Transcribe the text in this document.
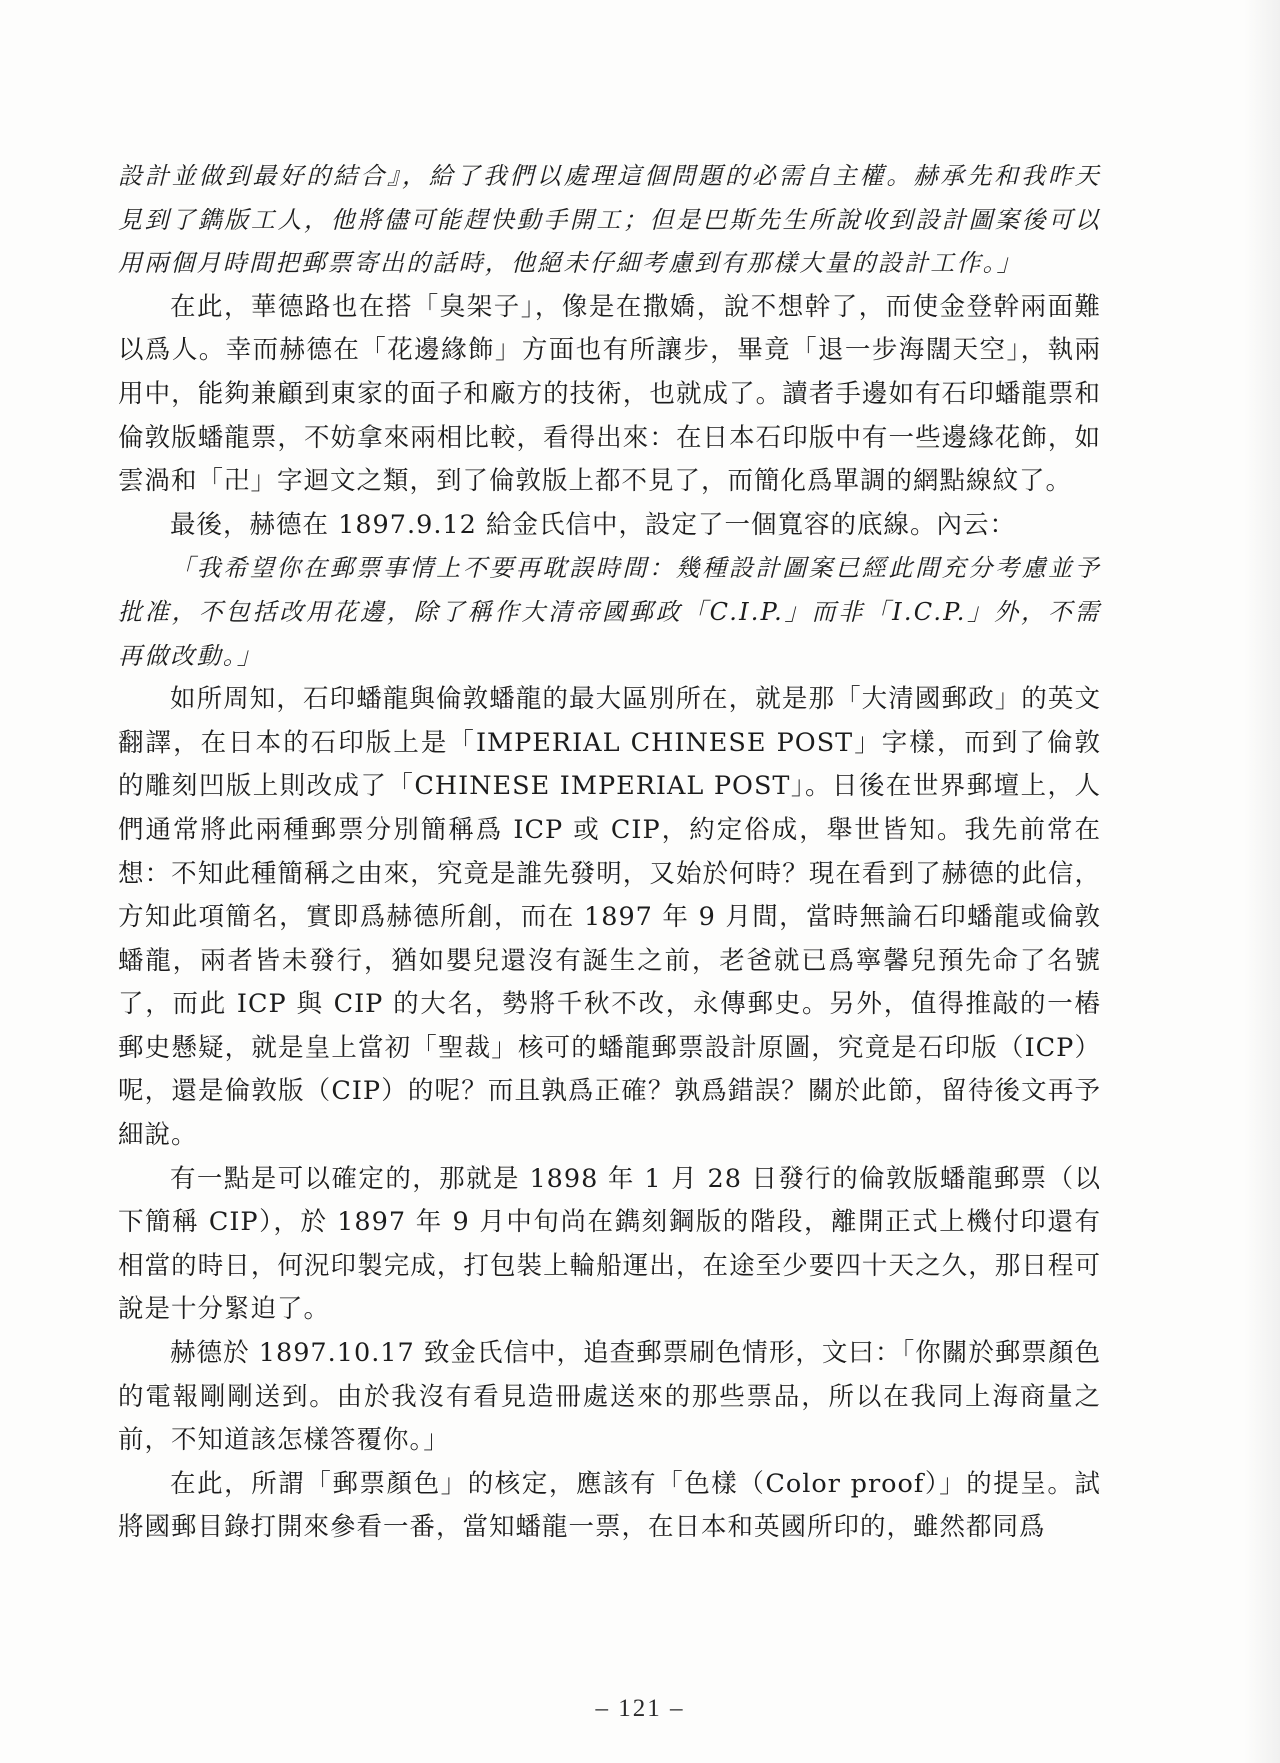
設計並做到最好的結合』，給了我們以處理這個問題的必需自主權。赫承先和我昨天見到了鐫版工人，他將儘可能趕快動手開工；但是巴斯先生所說收到設計圖案後可以用兩個月時間把郵票寄出的話時，他絕未仔細考慮到有那樣大量的設計工作。」

在此，華德路也在搭「臭架子」，像是在撒嬌，說不想幹了，而使金登幹兩面難以爲人。幸而赫德在「花邊緣飾」方面也有所讓步，畢竟「退一步海闊天空」，執兩用中，能夠兼顧到東家的面子和廠方的技術，也就成了。讀者手邊如有石印蟠龍票和倫敦版蟠龍票，不妨拿來兩相比較，看得出來：在日本石印版中有一些邊緣花飾，如雲渦和「卍」字迴文之類，到了倫敦版上都不見了，而簡化爲單調的網點線紋了。

最後，赫德在 1897.9.12 給金氏信中，設定了一個寬容的底線。內云：

「我希望你在郵票事情上不要再耽誤時間：幾種設計圖案已經此間充分考慮並予批准，不包括改用花邊，除了稱作大清帝國郵政「C.I.P.」而非「I.C.P.」外，不需再做改動。」

如所周知，石印蟠龍與倫敦蟠龍的最大區別所在，就是那「大清國郵政」的英文翻譯，在日本的石印版上是「IMPERIAL CHINESE POST」字樣，而到了倫敦的雕刻凹版上則改成了「CHINESE IMPERIAL POST」。日後在世界郵壇上，人們通常將此兩種郵票分別簡稱爲 ICP 或 CIP，約定俗成，舉世皆知。我先前常在想：不知此種簡稱之由來，究竟是誰先發明，又始於何時？現在看到了赫德的此信，方知此項簡名，實即爲赫德所創，而在 1897 年 9 月間，當時無論石印蟠龍或倫敦蟠龍，兩者皆未發行，猶如嬰兒還沒有誕生之前，老爸就已爲寧馨兒預先命了名號了，而此 ICP 與 CIP 的大名，勢將千秋不改，永傳郵史。另外，值得推敲的一樁郵史懸疑，就是皇上當初「聖裁」核可的蟠龍郵票設計原圖，究竟是石印版（ICP）呢，還是倫敦版（CIP）的呢？而且孰爲正確？孰爲錯誤？關於此節，留待後文再予細說。

有一點是可以確定的，那就是 1898 年 1 月 28 日發行的倫敦版蟠龍郵票（以下簡稱 CIP），於 1897 年 9 月中旬尚在鐫刻鋼版的階段，離開正式上機付印還有相當的時日，何況印製完成，打包裝上輪船運出，在途至少要四十天之久，那日程可說是十分緊迫了。

赫德於 1897.10.17 致金氏信中，追查郵票刷色情形，文曰：「你關於郵票顏色的電報剛剛送到。由於我沒有看見造冊處送來的那些票品，所以在我同上海商量之前，不知道該怎樣答覆你。」

在此，所謂「郵票顏色」的核定，應該有「色樣（Color proof）」的提呈。試將國郵目錄打開來參看一番，當知蟠龍一票，在日本和英國所印的，雖然都同爲

– 121 –
